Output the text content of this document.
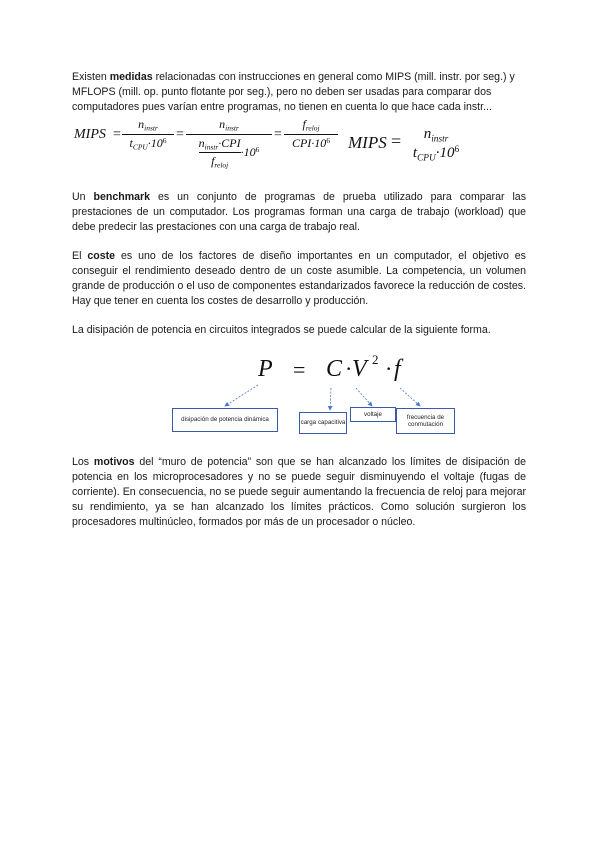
Existen medidas relacionadas con instrucciones en general como MIPS (mill. instr. por seg.) y MFLOPS (mill. op. punto flotante por seg.), pero no deben ser usadas para comparar dos computadores pues varían entre programas, no tienen en cuenta lo que hace cada instr...
MIPS =
$n_{instr}$
$t_{CPU}\cdot 10^6$ =
$n_{instr}$
$n_{instr}\cdot CPI$
$f_{reloj}$
$\cdot 10^6$
=
$f_{reloj}$
$CPI\cdot 10^6$	MIPS =	$n_{instr}$
$t_{CPU}\cdot 10^6$
Un benchmark es un conjunto de programas de prueba utilizado para comparar las prestaciones de un computador. Los programas forman una carga de trabajo (workload) que debe predecir las prestaciones con una carga de trabajo real.
El coste es uno de los factores de diseño importantes en un computador, el objetivo es conseguir el rendimiento deseado dentro de un coste asumible. La competencia, un volumen grande de producción o el uso de componentes estandarizados favorece la reducción de costes. Hay que tener en cuenta los costes de desarrollo y producción.
La disipación de potencia en circuitos integrados se puede calcular de la siguiente forma.
P = C · V 2 · f
disipación de potencia dinámica	carga capacitiva
voltaje	frecuencia de conmutación
Los motivos del “muro de potencia” son que se han alcanzado los límites de disipación de potencia en los microprocesadores y no se puede seguir disminuyendo el voltaje (fugas de corriente). En consecuencia, no se puede seguir aumentando la frecuencia de reloj para mejorar su rendimiento, ya se han alcanzado los límites prácticos. Como solución surgieron los procesadores multinúcleo, formados por más de un procesador o núcleo.
